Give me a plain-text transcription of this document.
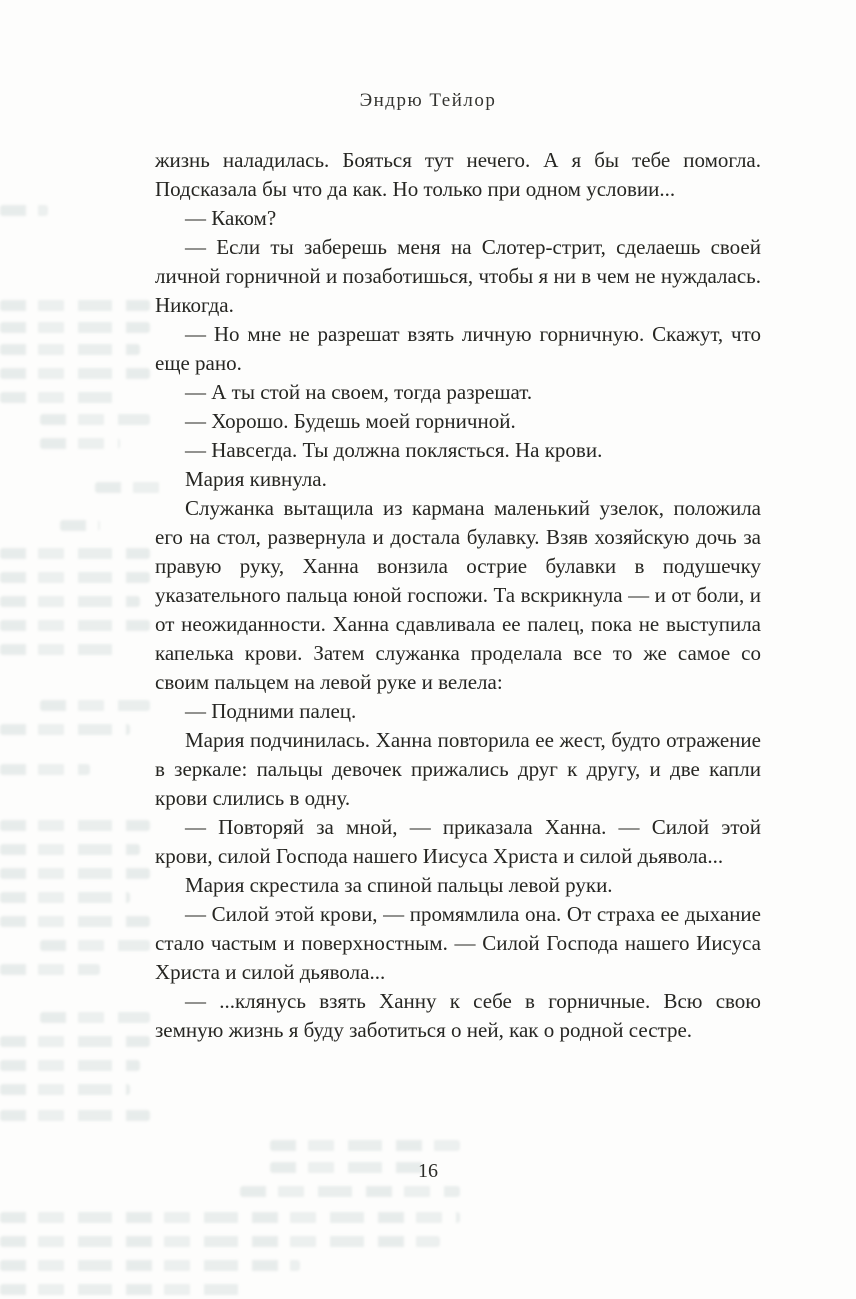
Эндрю Тейлор

жизнь наладилась. Бояться тут нечего. А я бы тебе помогла. Подсказала бы что да как. Но только при одном условии...

— Каком?

— Если ты заберешь меня на Слотер-стрит, сделаешь своей личной горничной и позаботишься, чтобы я ни в чем не нуждалась. Никогда.

— Но мне не разрешат взять личную горничную. Скажут, что еще рано.

— А ты стой на своем, тогда разрешат.

— Хорошо. Будешь моей горничной.

— Навсегда. Ты должна поклясться. На крови.

Мария кивнула.

Служанка вытащила из кармана маленький узелок, положила его на стол, развернула и достала булавку. Взяв хозяйскую дочь за правую руку, Ханна вонзила острие булавки в подушечку указательного пальца юной госпожи. Та вскрикнула — и от боли, и от неожиданности. Ханна сдавливала ее палец, пока не выступила капелька крови. Затем служанка проделала все то же самое со своим пальцем на левой руке и велела:

— Подними палец.

Мария подчинилась. Ханна повторила ее жест, будто отражение в зеркале: пальцы девочек прижались друг к другу, и две капли крови слились в одну.

— Повторяй за мной, — приказала Ханна. — Силой этой крови, силой Господа нашего Иисуса Христа и силой дьявола...

Мария скрестила за спиной пальцы левой руки.

— Силой этой крови, — промямлила она. От страха ее дыхание стало частым и поверхностным. — Силой Господа нашего Иисуса Христа и силой дьявола...

— ...клянусь взять Ханну к себе в горничные. Всю свою земную жизнь я буду заботиться о ней, как о родной сестре.

16
